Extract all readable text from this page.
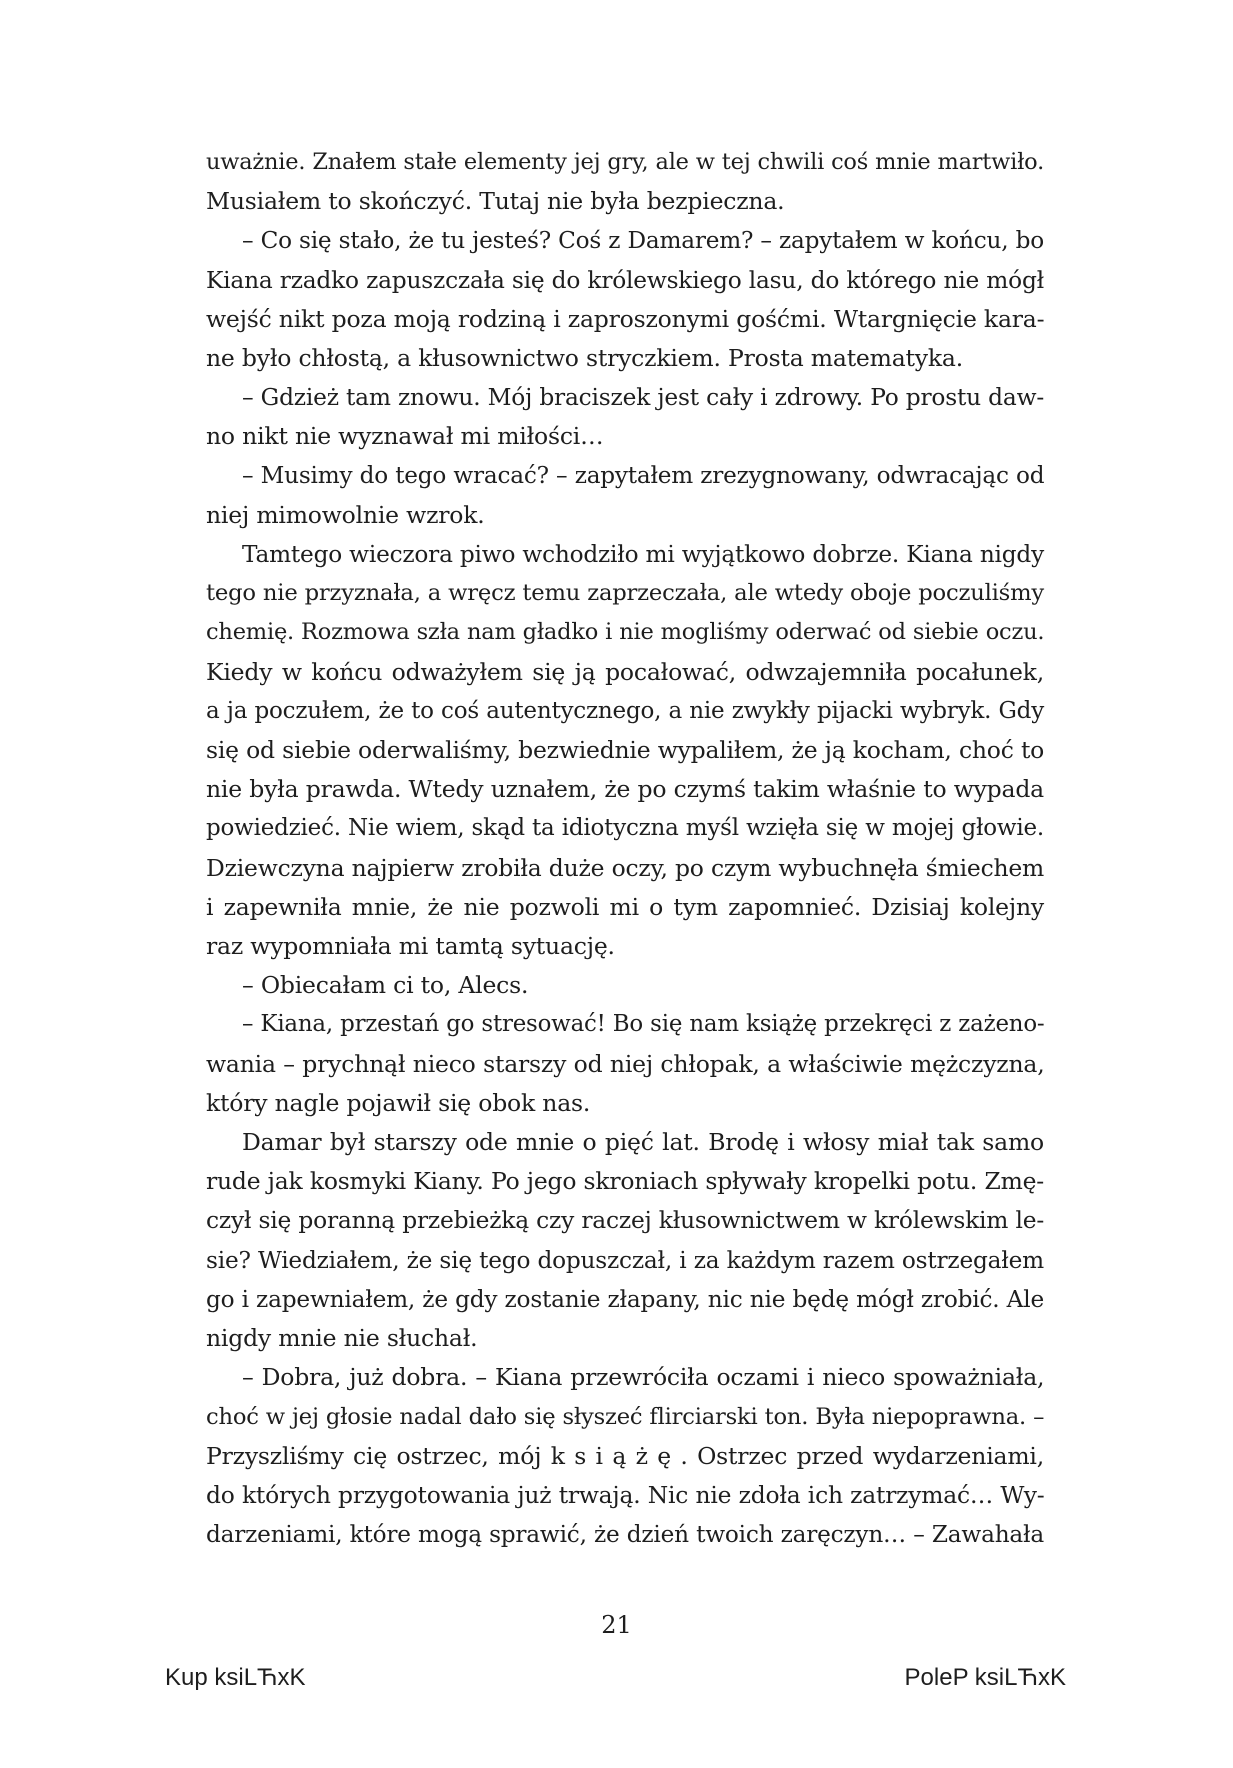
uważnie. Znałem stałe elementy jej gry, ale w tej chwili coś mnie martwiło.
Musiałem to skończyć. Tutaj nie była bezpieczna.
– Co się stało, że tu jesteś? Coś z Damarem? – zapytałem w końcu, bo
Kiana rzadko zapuszczała się do królewskiego lasu, do którego nie mógł
wejść nikt poza moją rodziną i zaproszonymi gośćmi. Wtargnięcie kara-
ne było chłostą, a kłusownictwo stryczkiem. Prosta matematyka.
– Gdzież tam znowu. Mój braciszek jest cały i zdrowy. Po prostu daw-
no nikt nie wyznawał mi miłości…
– Musimy do tego wracać? – zapytałem zrezygnowany, odwracając od
niej mimowolnie wzrok.
Tamtego wieczora piwo wchodziło mi wyjątkowo dobrze. Kiana nigdy
tego nie przyznała, a wręcz temu zaprzeczała, ale wtedy oboje poczuliśmy
chemię. Rozmowa szła nam gładko i nie mogliśmy oderwać od siebie oczu.
Kiedy w końcu odważyłem się ją pocałować, odwzajemniła pocałunek,
a ja poczułem, że to coś autentycznego, a nie zwykły pijacki wybryk. Gdy
się od siebie oderwaliśmy, bezwiednie wypaliłem, że ją kocham, choć to
nie była prawda. Wtedy uznałem, że po czymś takim właśnie to wypada
powiedzieć. Nie wiem, skąd ta idiotyczna myśl wzięła się w mojej głowie.
Dziewczyna najpierw zrobiła duże oczy, po czym wybuchnęła śmiechem
i zapewniła mnie, że nie pozwoli mi o tym zapomnieć. Dzisiaj kolejny
raz wypomniała mi tamtą sytuację.
– Obiecałam ci to, Alecs.
– Kiana, przestań go stresować! Bo się nam książę przekręci z zażeno-
wania – prychnął nieco starszy od niej chłopak, a właściwie mężczyzna,
który nagle pojawił się obok nas.
Damar był starszy ode mnie o pięć lat. Brodę i włosy miał tak samo
rude jak kosmyki Kiany. Po jego skroniach spływały kropelki potu. Zmę-
czył się poranną przebieżką czy raczej kłusownictwem w królewskim le-
sie? Wiedziałem, że się tego dopuszczał, i za każdym razem ostrzegałem
go i zapewniałem, że gdy zostanie złapany, nic nie będę mógł zrobić. Ale
nigdy mnie nie słuchał.
– Dobra, już dobra. – Kiana przewróciła oczami i nieco spoważniała,
choć w jej głosie nadal dało się słyszeć flirciarski ton. Była niepoprawna. –
Przyszliśmy cię ostrzec, mój k s i ą ż ę . Ostrzec przed wydarzeniami,
do których przygotowania już trwają. Nic nie zdoła ich zatrzymać… Wy-
darzeniami, które mogą sprawić, że dzień twoich zaręczyn… – Zawahała
21
Kup ksiLЋxK	PoleP ksiLЋxK
